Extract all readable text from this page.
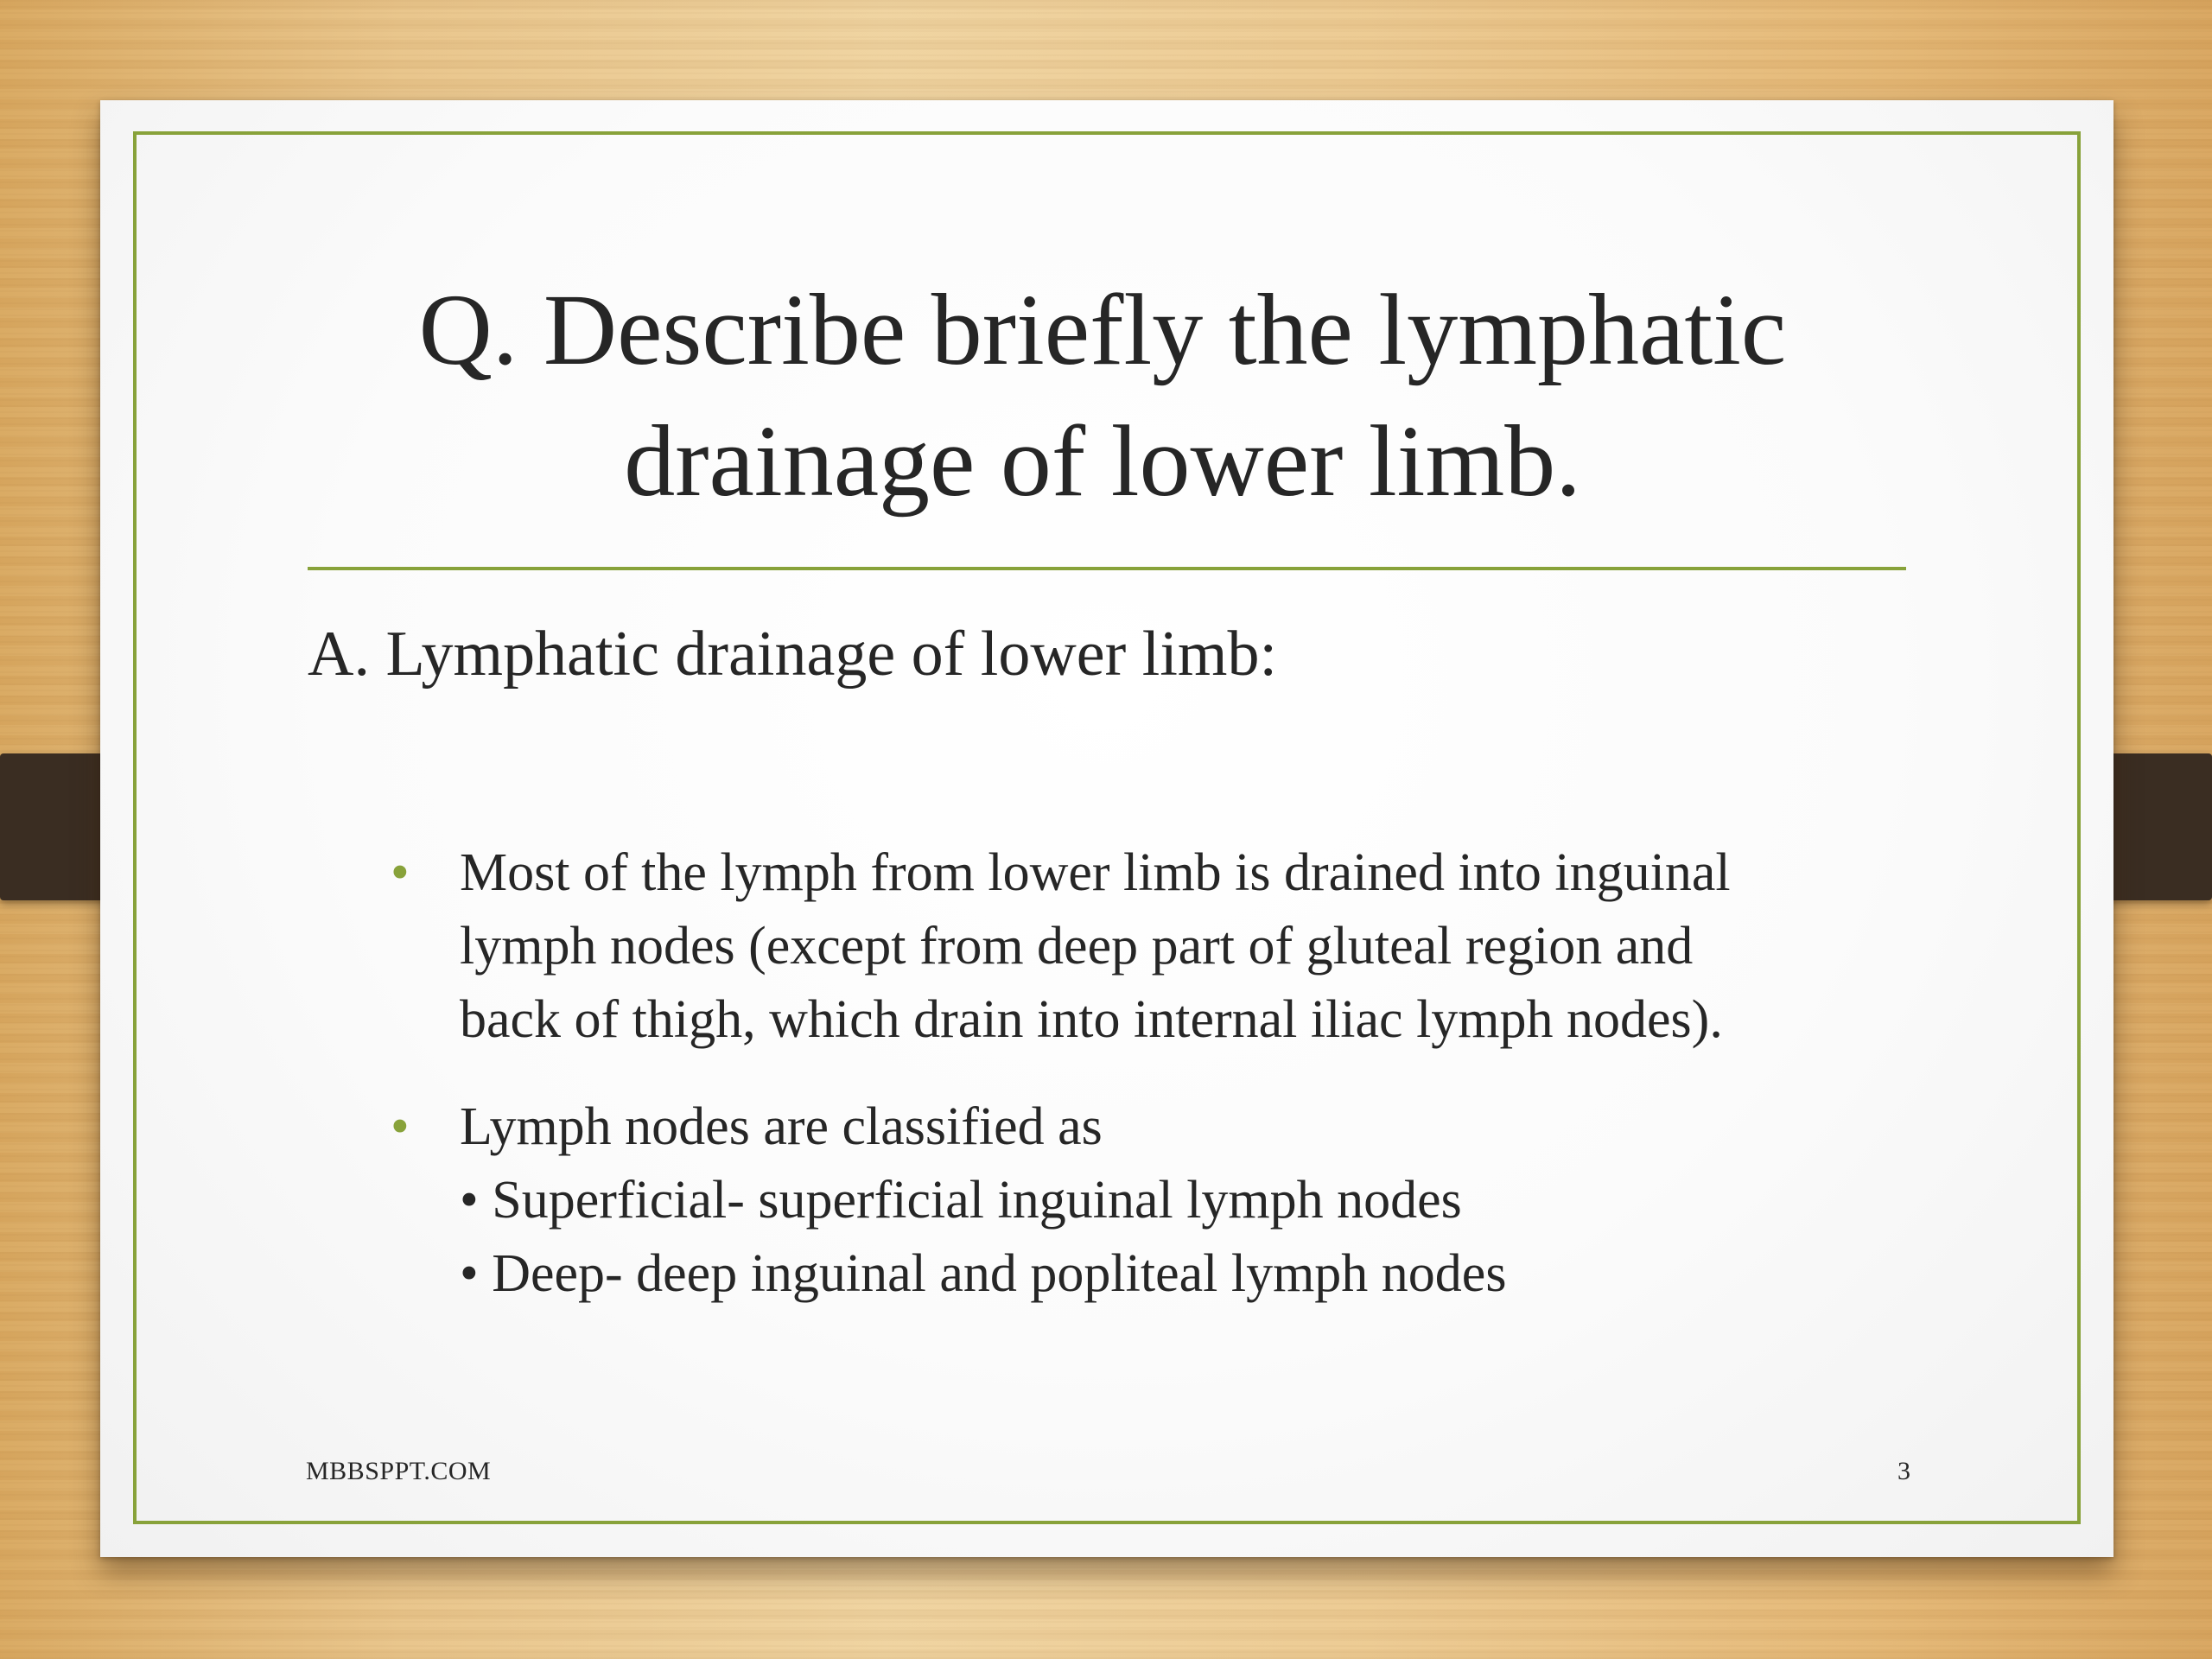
Q. Describe briefly the lymphatic
drainage of lower limb.
A. Lymphatic drainage of lower limb:
• Most of the lymph from lower limb is drained into inguinal
lymph nodes (except from deep part of gluteal region and
back of thigh, which drain into internal iliac lymph nodes).
• Lymph nodes are classified as
• Superficial- superficial inguinal lymph nodes
• Deep- deep inguinal and popliteal lymph nodes
MBBSPPT.COM	3
